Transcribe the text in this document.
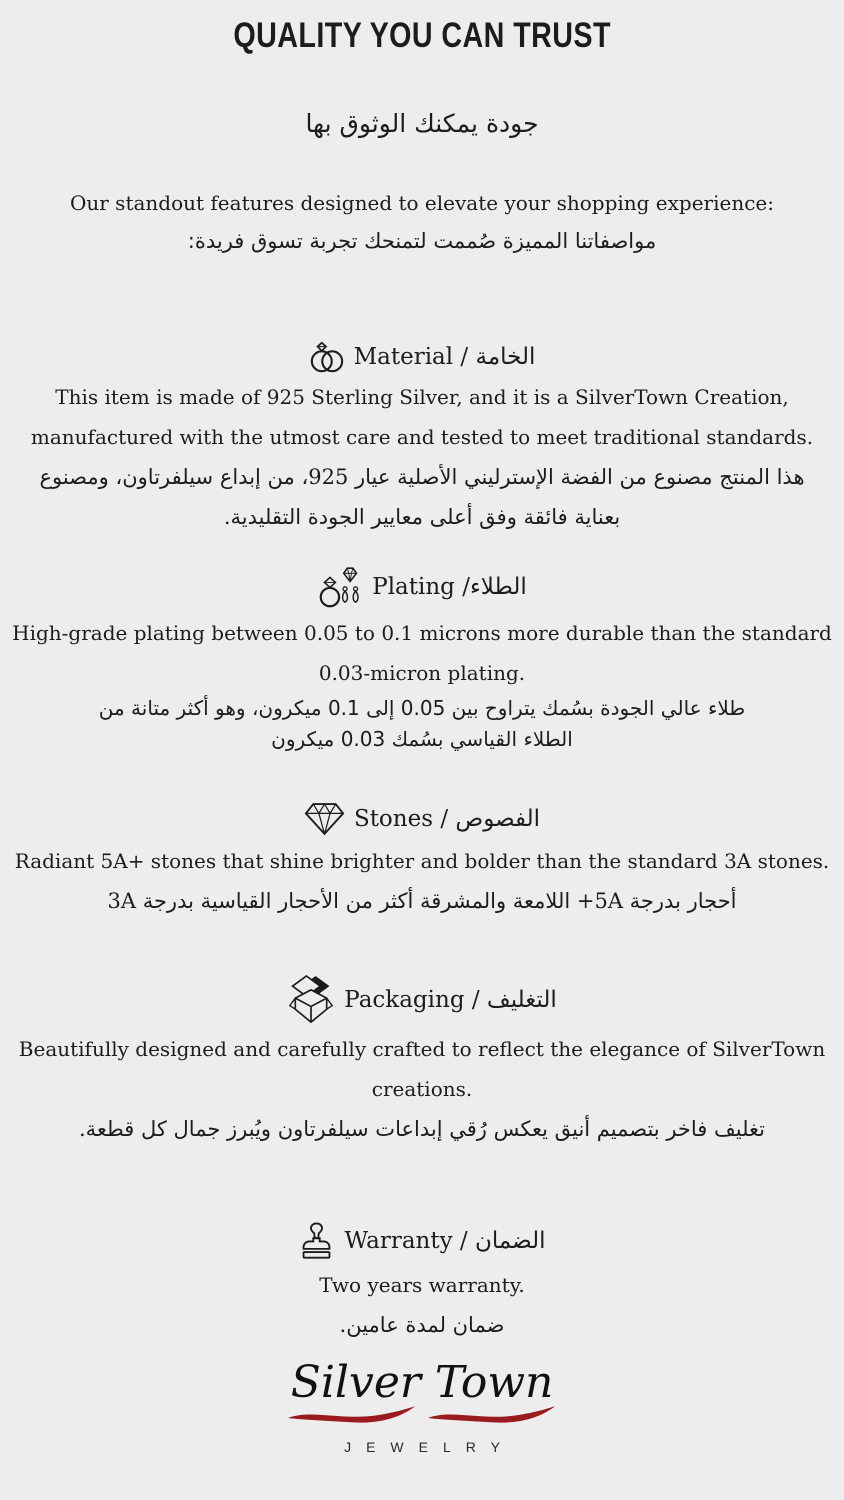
QUALITY YOU CAN TRUST
جودة يمكنك الوثوق بها
Our standout features designed to elevate your shopping experience:
مواصفاتنا المميزة صُممت لتمنحك تجربة تسوق فريدة:
Material / الخامة
This item is made of 925 Sterling Silver, and it is a SilverTown Creation,
manufactured with the utmost care and tested to meet traditional standards.
هذا المنتج مصنوع من الفضة الإسترليني الأصلية عيار 925، من إبداع سيلفرتاون، ومصنوع
بعناية فائقة وفق أعلى معايير الجودة التقليدية.
Plating /الطلاء
High-grade plating between 0.05 to 0.1 microns more durable than the standard
0.03-micron plating.
طلاء عالي الجودة بسُمك يتراوح بين 0.05 إلى 0.1 ميكرون، وهو أكثر متانة من
الطلاء القياسي بسُمك 0.03 ميكرون
Stones / الفصوص
Radiant 5A+ stones that shine brighter and bolder than the standard 3A stones.
أحجار بدرجة 5A+ اللامعة والمشرقة أكثر من الأحجار القياسية بدرجة 3A
Packaging / التغليف
Beautifully designed and carefully crafted to reflect the elegance of SilverTown
creations.
تغليف فاخر بتصميم أنيق يعكس رُقي إبداعات سيلفرتاون ويُبرز جمال كل قطعة.
Warranty / الضمان
Two years warranty.
ضمان لمدة عامين.
Silver Town
JEWELRY
